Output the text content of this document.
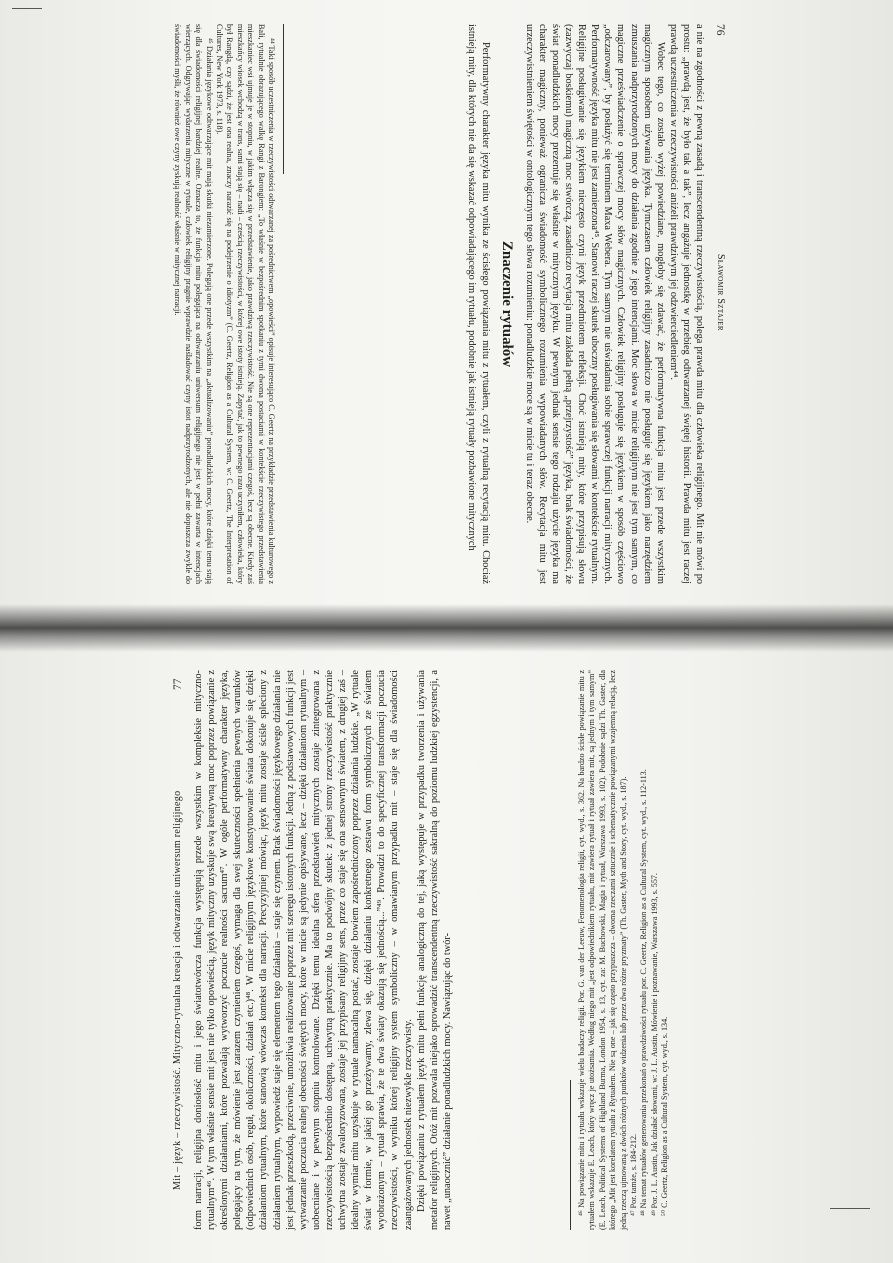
76
Sławomir Sztajer

a nie na zgodności z pewną zasadą i transcendentną rzeczywistością, polega prawda mitu dla człowieka religijnego. Mit nie mówi po prostu: „prawdą jest, że było tak a tak”, lecz angażuje jednostkę w przebieg odtwarzanej świętej historii. Prawda mitu jest raczej prawdą uczestniczenia w rzeczywistości aniżeli prawdziwym jej odzwierciedleniem⁴⁴.

Wobec tego, co zostało wyżej powiedziane, mogłoby się zdawać, że performatywna funkcja mitu jest przede wszystkim magicznym sposobem używania języka. Tymczasem człowiek religijny zasadniczo nie posługuje się językiem jako narzędziem zmuszania nadprzyrodzonych mocy do działania zgodnie z jego intencjami. Moc słowa w micie religijnym nie jest tym samym, co magiczne przeświadczenie o sprawczej mocy słów magicznych. Człowiek religijny posługuje się językiem w sposób częściowo „odczarowany”, by posłużyć się terminem Maxa Webera. Tym samym nie uświadamia sobie sprawczej funkcji narracji mitycznych. Performatywność języka mitu nie jest zamierzona⁴⁵. Stanowi raczej skutek uboczny posługiwania się słowami w kontekście rytualnym. Religijne posługiwanie się językiem nieczęsto czyni język przedmiotem refleksji. Choć istnieją mity, które przypisują słowu (zazwyczaj boskiemu) magiczną moc stwórczą, zasadniczo recytacja mitu zakłada pełną „przejrzystość” języka, brak świadomości, że świat ponadludzkich mocy prezentuje się właśnie w mitycznym języku. W pewnym jednak sensie tego rodzaju użycie języka ma charakter magiczny, ponieważ ogranicza świadomość symbolicznego rozumienia wypowiadanych słów. Recytacja mitu jest urzeczywistnieniem świętości w ontologicznym tego słowa rozumieniu: ponadludzkie moce są w micie tu i teraz obecne.

Znaczenie rytuałów

Performatywny charakter języka mitu wynika ze ścisłego powiązania mitu z rytuałem, czyli z rytualną recytacją mitu. Chociaż istnieją mity, dla których nie da się wskazać odpowiadającego im rytuału, podobnie jak istnieją rytuały pozbawione mitycznych

⁴⁴ Taki sposób uczestniczenia w rzeczywistości odtwarzanej za pośrednictwem „opowieści” opisuje interesująco C. Geertz na przykładzie przedstawienia kulturowego z Bali, rytualnie obrazującego walkę Rangi z Barongiem: „To właśnie w bezpośrednim spotkaniu z tymi dwoma postaciami w kontekście rzeczywistego przedstawienia mieszkaniec wsi ujmuje je w stopniu, w jakim włącza się w przedstawienie, jako prawdziwą rzeczywistość. Nie są one reprezentacjami czegoś, lecz są obecne. Kiedy zaś mieszkańcy wiosek wchodzą w trans, sami stają się – nadi – cześcią rzeczywistości, w której owe istoty istnieją. Zapytać, jak to pewnego razu uczyniłem, człowieka, który był Rangdą, czy sądzi, że jest ona realna, znaczy narazić się na podejrzenie o idiotyzm” (C. Geertz, Religion as a Cultural System, w: C. Geertz, The Interpretation of Cultures, New York 1973, s. 118).

⁴⁵ Działania językowe odtwarzające mit mają skutki niezamierzone. Polegają one przede wszystkim na „aktualizowaniu” ponadludzkich mocy, które dzięki temu stają się dla świadomości religijnej bardziej realne. Oznacza to, że funkcja mitu polegająca na odtwarzaniu uniwersum religijnego nie jest w pełni zawarta w intencjach wierzących. Odgrywając wydarzenia mityczne w rytuale, człowiek religijny pragnie wprawdzie naśladować czyny istot nadprzyrodzonych, ale nie dopuszcza zwykle do świadomości myśli, że również owe czyny zyskują realność właśnie w mitycznej narracji.

Mit – język – rzeczywistość. Mityczno-rytualna kreacja i odtwarzanie uniwersum religijnego
77 form narracji, religijna doniosłość mitu i jego światotwórcza funkcja występują przede wszystkim w kompleksie mityczno-rytualnym⁴⁶. W tym właśnie sensie mit jest nie tylko opowieścią, język mityczny uzyskuje swą kreatywną moc poprzez powiązanie z określonymi działaniami, które pozwalają wytworzyć poczucie realności sacrum⁴⁷. W ogóle performatywny charakter języka, polegający na tym, że mówienie jest zarazem czynieniem czegoś, wymaga dla swej skuteczności spełnienia pewnych warunków (odpowiednich osób, reguł, okoliczności, działań etc.)⁴⁸. W micie religijnym językowe konstytuowanie świata dokonuje się dzięki działaniom rytualnym, które stanowią wówczas kontekst dla narracji. Precyzyjniej mówiąc, język mitu zostaje ściśle spleciony z działaniem rytualnym, wypowiedź staje się elementem tego działania – staje się czynem. Brak świadomości językowego działania nie jest jednak przeszkodą, przeciwnie, umożliwia realizowanie poprzez mit szeregu istotnych funkcji. Jedną z podstawowych funkcji jest wytwarzanie poczucia realnej obecności świętych mocy, które w micie są jedynie opisywane, lecz – dzięki działaniom rytualnym – uobecniane i w pewnym stopniu kontrolowane. Dzięki temu idealna sfera przedstawień mitycznych zostaje zintegrowana z rzeczywistością bezpośrednio dostępną, uchwytną praktycznie. Ma to podwójny skutek: z jednej strony rzeczywistość praktycznie uchwytna zostaje zwaloryzowana, zostaje jej przypisany religijny sens, przez co staje się ona sensownym światem, z drugiej zaś – idealny wymiar mitu uzyskuje w rytuale namacalną postać, zostaje bowiem zapośredniczony poprzez działania ludzkie. „W rytuale świat w formie, w jakiej go przeżywamy, zlewa się, dzięki działaniu konkretnego zestawu form symbolicznych ze światem wyobrażonym – rytuał sprawia, że te dwa światy okazują się jednością...”⁴⁹. Prowadzi to do specyficznej transformacji poczucia rzeczywistości, w wyniku której religijny system symboliczny – w omawianym przypadku mit – staje się dla świadomości zaangażowanych jednostek niezwykle rzeczywisty. Dzięki powiązaniu z rytuałem język mitu pełni funkcję analogiczną do tej, jaką występuje w przypadku tworzenia i używania metafor religijnych. Otóż mit pozwala niejako sprowadzić transcendentną rzeczywistość sakralną do poziomu ludzkiej egzystencji, a nawet „unaocznić” działanie ponadludzkich mocy. Nawiązując do twór-	⁴⁶ Na powiązanie mitu i rytuału wskazuje wielu badaczy religii. Por. G. van der Leeuw, Fenomenologia religii, cyt. wyd., s. 362. Na bardzo ścisłe powiązanie mitu z rytuałem wskazuje E. Leach, który wręcz je utożsamia. Według niego mit „jest odpowiednikiem rytuału, mit zawiera rytuał i rytuał zawiera mit, są jednym i tym samym” (E. Leach, Political Systems of Highland Burma, London 1954, s. 13, cyt. za: M. Buchowski, Magia i rytuał, Warszawa 1993, s. 102). Podobnie sądzi Th. Gaster, dla którego „Mit jest korelatem rytuału z Rytuałem. Nie są one – jak się często przypuszcza – dwoma rzeczami sztucznie i schematycznie powiązanymi wzajemną relacją, lecz jedną rzeczą ujmowaną z dwóch różnych punktów widzenia lub przez dwa różne pryzmaty” (Th. Gaster, Myth and Story, cyt. wyd., s. 187). ⁴⁷ Por. tamże, s. 184-212. ⁴⁸ Na temat rytuałów generowania przekonań o prawdziwości rytuału por. C. Geertz, Religion as a Cultural System, cyt. wyd., s. 112-113. ⁴⁹ Por. J. L. Austin, Jak działać słowami, w: J. L. Austin, Mówienie i poznawanie, Warszawa 1993, s. 557. ⁵⁰ C. Geertz, Religion as a Cultural System, cyt. wyd., s. 134.
